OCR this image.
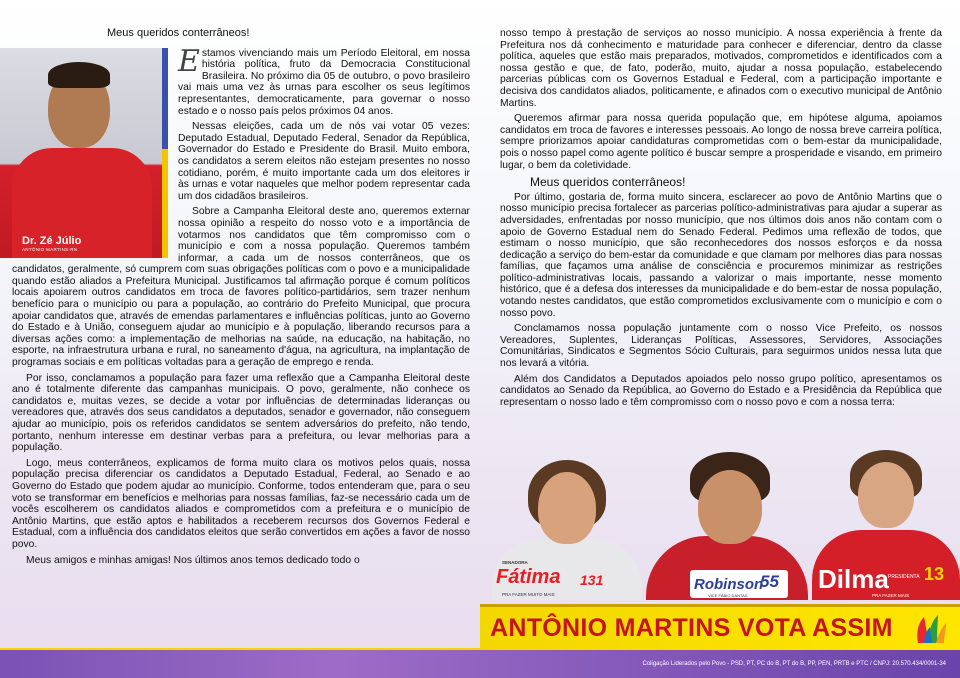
Meus queridos conterrâneos!
Dr. Zé Júlio
ANTÔNIO MARTINS-RN

Estamos vivenciando mais um Período Eleitoral, em nossa história política, fruto da Democracia Constitucional Brasileira. No próximo dia 05 de outubro, o povo brasileiro vai mais uma vez às urnas para escolher os seus legítimos representantes, democraticamente, para governar o nosso estado e o nosso país pelos próximos 04 anos.

Nessas eleições, cada um de nós vai votar 05 vezes: Deputado Estadual, Deputado Federal, Senador da República, Governador do Estado e Presidente do Brasil. Muito embora, os candidatos a serem eleitos não estejam presentes no nosso cotidiano, porém, é muito importante cada um dos eleitores ir às urnas e votar naqueles que melhor podem representar cada um dos cidadãos brasileiros.

Sobre a Campanha Eleitoral deste ano, queremos externar nossa opinião a respeito do nosso voto e a importância de votarmos nos candidatos que têm compromisso com o município e com a nossa população. Queremos também informar, a cada um de nossos conterrâneos, que os candidatos, geralmente, só cumprem com suas obrigações políticas com o povo e a municipalidade quando estão aliados a Prefeitura Municipal. Justificamos tal afirmação porque é comum políticos locais apoiarem outros candidatos em troca de favores político-partidários, sem trazer nenhum benefício para o município ou para a população, ao contrário do Prefeito Municipal, que procura apoiar candidatos que, através de emendas parlamentares e influências políticas, junto ao Governo do Estado e à União, conseguem ajudar ao município e à população, liberando recursos para a diversas ações como: a implementação de melhorias na saúde, na educação, na habitação, no esporte, na infraestrutura urbana e rural, no saneamento d'água, na agricultura, na implantação de programas sociais e em políticas voltadas para a geração de emprego e renda.

Por isso, conclamamos a população para fazer uma reflexão que a Campanha Eleitoral deste ano é totalmente diferente das campanhas municipais. O povo, geralmente, não conhece os candidatos e, muitas vezes, se decide a votar por influências de determinadas lideranças ou vereadores que, através dos seus candidatos a deputados, senador e governador, não conseguem ajudar ao município, pois os referidos candidatos se sentem adversários do prefeito, não tendo, portanto, nenhum interesse em destinar verbas para a prefeitura, ou levar melhorias para a população.

Logo, meus conterrâneos, explicamos de forma muito clara os motivos pelos quais, nossa população precisa diferenciar os candidatos a Deputado Estadual, Federal, ao Senado e ao Governo do Estado que podem ajudar ao município. Conforme, todos entenderam que, para o seu voto se transformar em benefícios e melhorias para nossas famílias, faz-se necessário cada um de vocês escolherem os candidatos aliados e comprometidos com a prefeitura e o município de Antônio Martins, que estão aptos e habilitados a receberem recursos dos Governos Federal e Estadual, com a influência dos candidatos eleitos que serão convertidos em ações a favor de nosso povo.

Meus amigos e minhas amigas! Nos últimos anos temos dedicado todo o

nosso tempo à prestação de serviços ao nosso município. A nossa experiência à frente da Prefeitura nos dá conhecimento e maturidade para conhecer e diferenciar, dentro da classe política, aqueles que estão mais preparados, motivados, comprometidos e identificados com a nossa gestão e que, de fato, poderão, muito, ajudar a nossa população, estabelecendo parcerias públicas com os Governos Estadual e Federal, com a participação importante e decisiva dos candidatos aliados, politicamente, e afinados com o executivo municipal de Antônio Martins.

Queremos afirmar para nossa querida população que, em hipótese alguma, apoiamos candidatos em troca de favores e interesses pessoais. Ao longo de nossa breve carreira política, sempre priorizamos apoiar candidaturas comprometidas com o bem-estar da municipalidade, pois o nosso papel como agente político é buscar sempre a prosperidade e visando, em primeiro lugar, o bem da coletividade.

Meus queridos conterrâneos!

Por último, gostaria de, forma muito sincera, esclarecer ao povo de Antônio Martins que o nosso município precisa fortalecer as parcerias político-administrativas para ajudar a superar as adversidades, enfrentadas por nosso município, que nos últimos dois anos não contam com o apoio de Governo Estadual nem do Senado Federal. Pedimos uma reflexão de todos, que estimam o nosso município, que são reconhecedores dos nossos esforços e da nossa dedicação a serviço do bem-estar da comunidade e que clamam por melhores dias para nossas famílias, que façamos uma análise de consciência e procuremos minimizar as restrições político-administrativas locais, passando a valorizar o mais importante, nesse momento histórico, que é a defesa dos interesses da municipalidade e do bem-estar de nossa população, votando nestes candidatos, que estão comprometidos exclusivamente com o município e com o nosso povo.

Conclamamos nossa população juntamente com o nosso Vice Prefeito, os nossos Vereadores, Suplentes, Lideranças Políticas, Assessores, Servidores, Associações Comunitárias, Sindicatos e Segmentos Sócio Culturais, para seguirmos unidos nessa luta que nos levará a vitória.

Além dos Candidatos a Deputados apoiados pelo nosso grupo político, apresentamos os candidatos ao Senado da República, ao Governo do Estado e a Presidência da República que representam o nosso lado e têm compromisso com o nosso povo e com a nossa terra:

Fátima 131
SENADORA
PRA FAZER MUITO MAIS
Robinson
55
VICE FÁBIO DANTAS
Dilma 13
PRESIDENTA
PRA FAZER MAIS
ANTÔNIO MARTINS VOTA ASSIM
Coligação Liderados pelo Povo - PSD, PT, PC do B, PT do B, PP, PEN, PRTB e PTC / CNPJ: 20.570.434/0001-34
